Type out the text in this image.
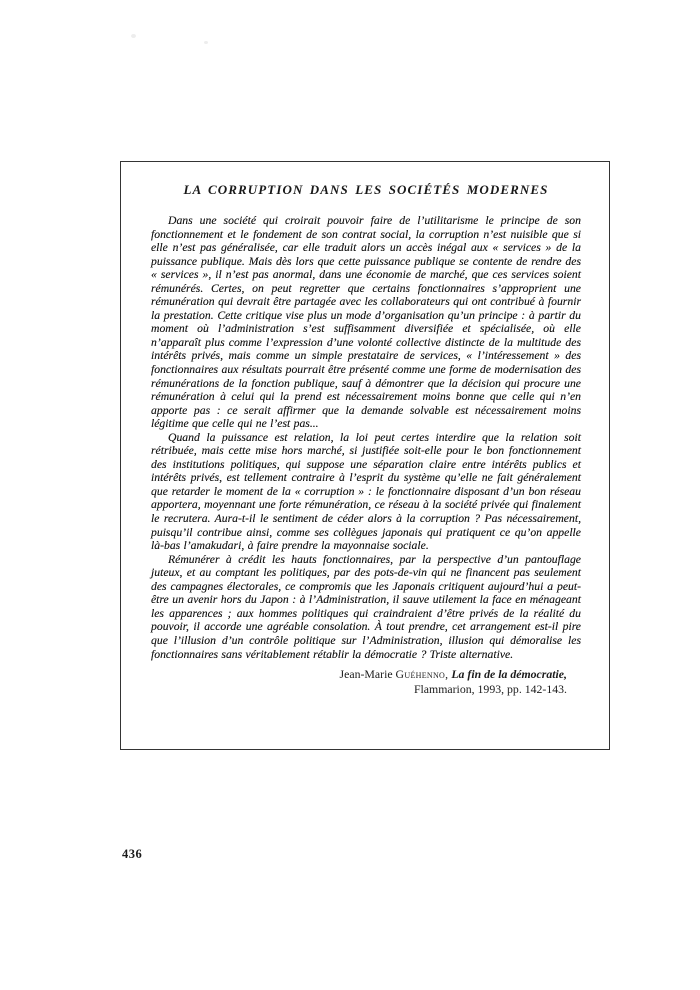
LA CORRUPTION DANS LES SOCIÉTÉS MODERNES

Dans une société qui croirait pouvoir faire de l’utilitarisme le principe de son fonctionnement et le fondement de son contrat social, la corruption n’est nuisible que si elle n’est pas généralisée, car elle traduit alors un accès inégal aux « services » de la puissance publique. Mais dès lors que cette puissance publique se contente de rendre des « services », il n’est pas anormal, dans une économie de marché, que ces services soient rémunérés. Certes, on peut regretter que certains fonctionnaires s’approprient une rémunération qui devrait être partagée avec les collaborateurs qui ont contribué à fournir la prestation. Cette critique vise plus un mode d’organisation qu’un principe : à partir du moment où l’administration s’est suffisamment diversifiée et spécialisée, où elle n’apparaît plus comme l’expression d’une volonté collective distincte de la multitude des intérêts privés, mais comme un simple prestataire de services, « l’intéressement » des fonctionnaires aux résultats pourrait être présenté comme une forme de modernisation des rémunérations de la fonction publique, sauf à démontrer que la décision qui procure une rémunération à celui qui la prend est nécessairement moins bonne que celle qui n’en apporte pas : ce serait affirmer que la demande solvable est nécessairement moins légitime que celle qui ne l’est pas...

Quand la puissance est relation, la loi peut certes interdire que la relation soit rétribuée, mais cette mise hors marché, si justifiée soit-elle pour le bon fonctionnement des institutions politiques, qui suppose une séparation claire entre intérêts publics et intérêts privés, est tellement contraire à l’esprit du système qu’elle ne fait généralement que retarder le moment de la « corruption » : le fonctionnaire disposant d’un bon réseau apportera, moyennant une forte rémunération, ce réseau à la société privée qui finalement le recrutera. Aura-t-il le sentiment de céder alors à la corruption ? Pas nécessairement, puisqu’il contribue ainsi, comme ses collègues japonais qui pratiquent ce qu’on appelle là-bas l’amakudari, à faire prendre la mayonnaise sociale.

Rémunérer à crédit les hauts fonctionnaires, par la perspective d’un pantouflage juteux, et au comptant les politiques, par des pots-de-vin qui ne financent pas seulement des campagnes électorales, ce compromis que les Japonais critiquent aujourd’hui a peut-être un avenir hors du Japon : à l’Administration, il sauve utilement la face en ménageant les apparences ; aux hommes politiques qui craindraient d’être privés de la réalité du pouvoir, il accorde une agréable consolation. À tout prendre, cet arrangement est-il pire que l’illusion d’un contrôle politique sur l’Administration, illusion qui démoralise les fonctionnaires sans véritablement rétablir la démocratie ? Triste alternative.

Jean-Marie Guéhenno, La fin de la démocratie,
Flammarion, 1993, pp. 142-143.
436
